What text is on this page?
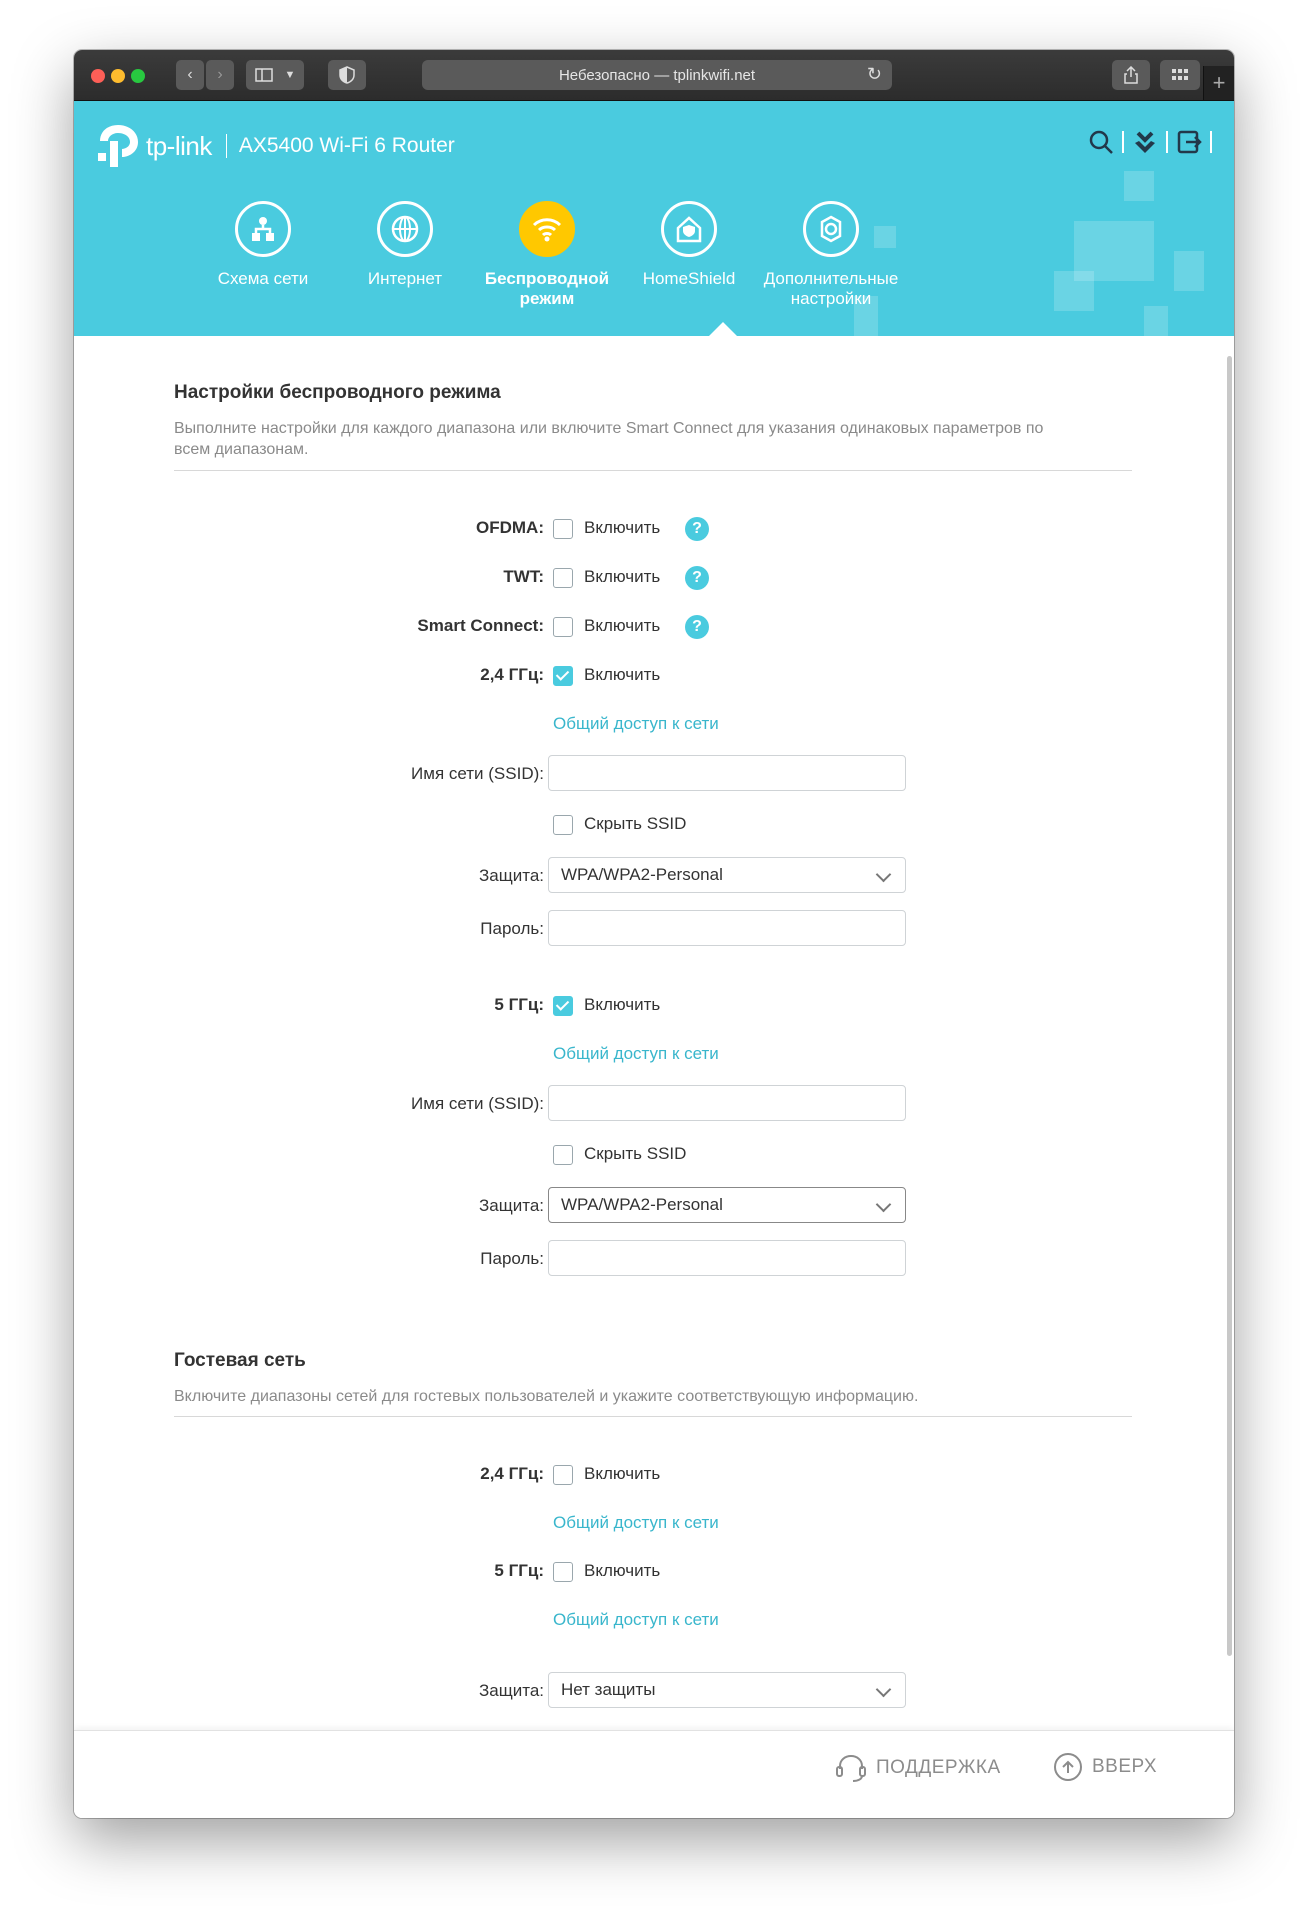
‹ ›	▼	Небезопасно — tplinkwifi.net	↻	+
tp-link AX5400 Wi-Fi 6 Router
Схема сети	Интернет	Беспроводной режим
HomeShield	Дополнительные настройки
Настройки беспроводного режима
Выполните настройки для каждого диапазона или включите Smart Connect для указания одинаковых параметров по всем диапазонам.
OFDMA: Включить	?
TWT: Включить	?
Smart Connect: Включить	?
2,4 ГГц: Включить
Общий доступ к сети
Имя сети (SSID):
Скрыть SSID
Защита:	WPA/WPA2-Personal
Пароль:
5 ГГц: Включить
Общий доступ к сети
Имя сети (SSID):
Скрыть SSID
Защита:	WPA/WPA2-Personal
Пароль:
Гостевая сеть
Включите диапазоны сетей для гостевых пользователей и укажите соответствующую информацию.
2,4 ГГц: Включить
Общий доступ к сети
5 ГГц: Включить
Общий доступ к сети
Защита:	Нет защиты
ПОДДЕРЖКА	ВВЕРХ
